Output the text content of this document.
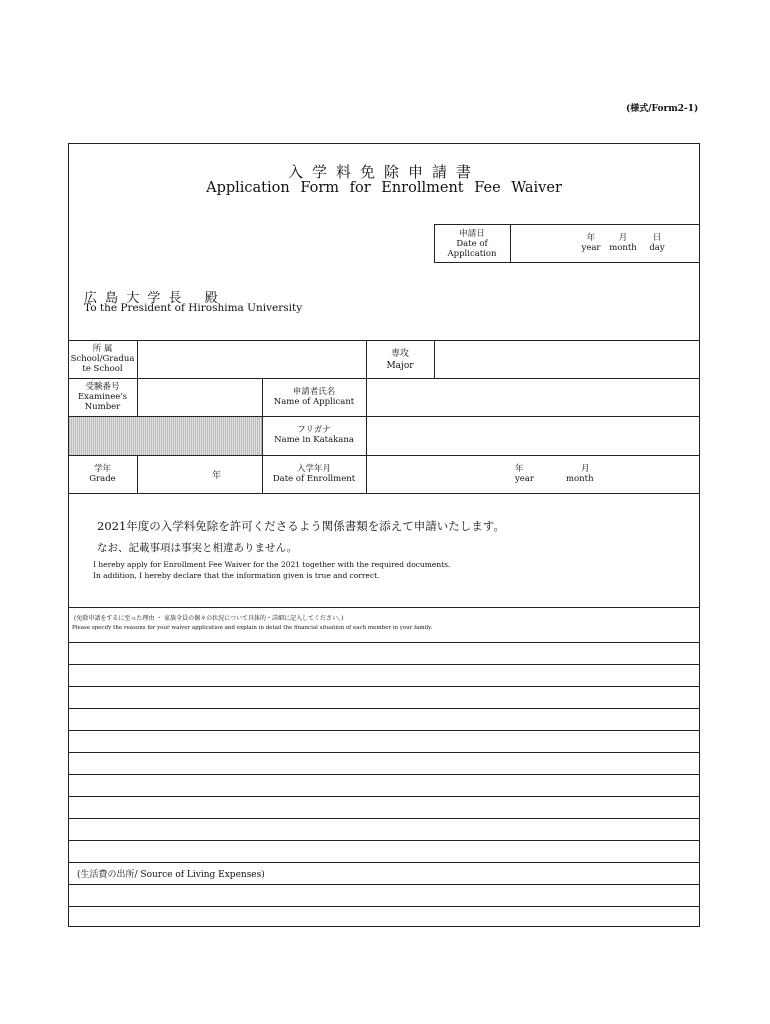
(様式/Form2-1)
入学料免除申請書
Application Form for Enrollment Fee Waiver
申請日
Date of
Application
年
year
月
month
日
day
広 島 大 学 長　 殿
To the President of Hiroshima University
所 属
School/Gradua
te School
専攻
Major
受験番号
Examinee's
Number
申請者氏名
Name of Applicant
フリガナ
Name in Katakana
学年
Grade	年
入学年月
Date of Enrollment
年
year
月
month
2021年度の入学料免除を許可くださるよう関係書類を添えて申請いたします。
なお、記載事項は事実と相違ありません。
I hereby apply for Enrollment Fee Waiver for the 2021 together with the required documents.
In addition, I hereby declare that the information given is true and correct.
(免除申請をするに至った理由 ・ 家族全員の個々の状況について具体的・詳細に記入してください。)
Please specify the reasons for your waiver application and explain in detail the financial situation of each member in your family.
(生活費の出所/ Source of Living Expenses)
